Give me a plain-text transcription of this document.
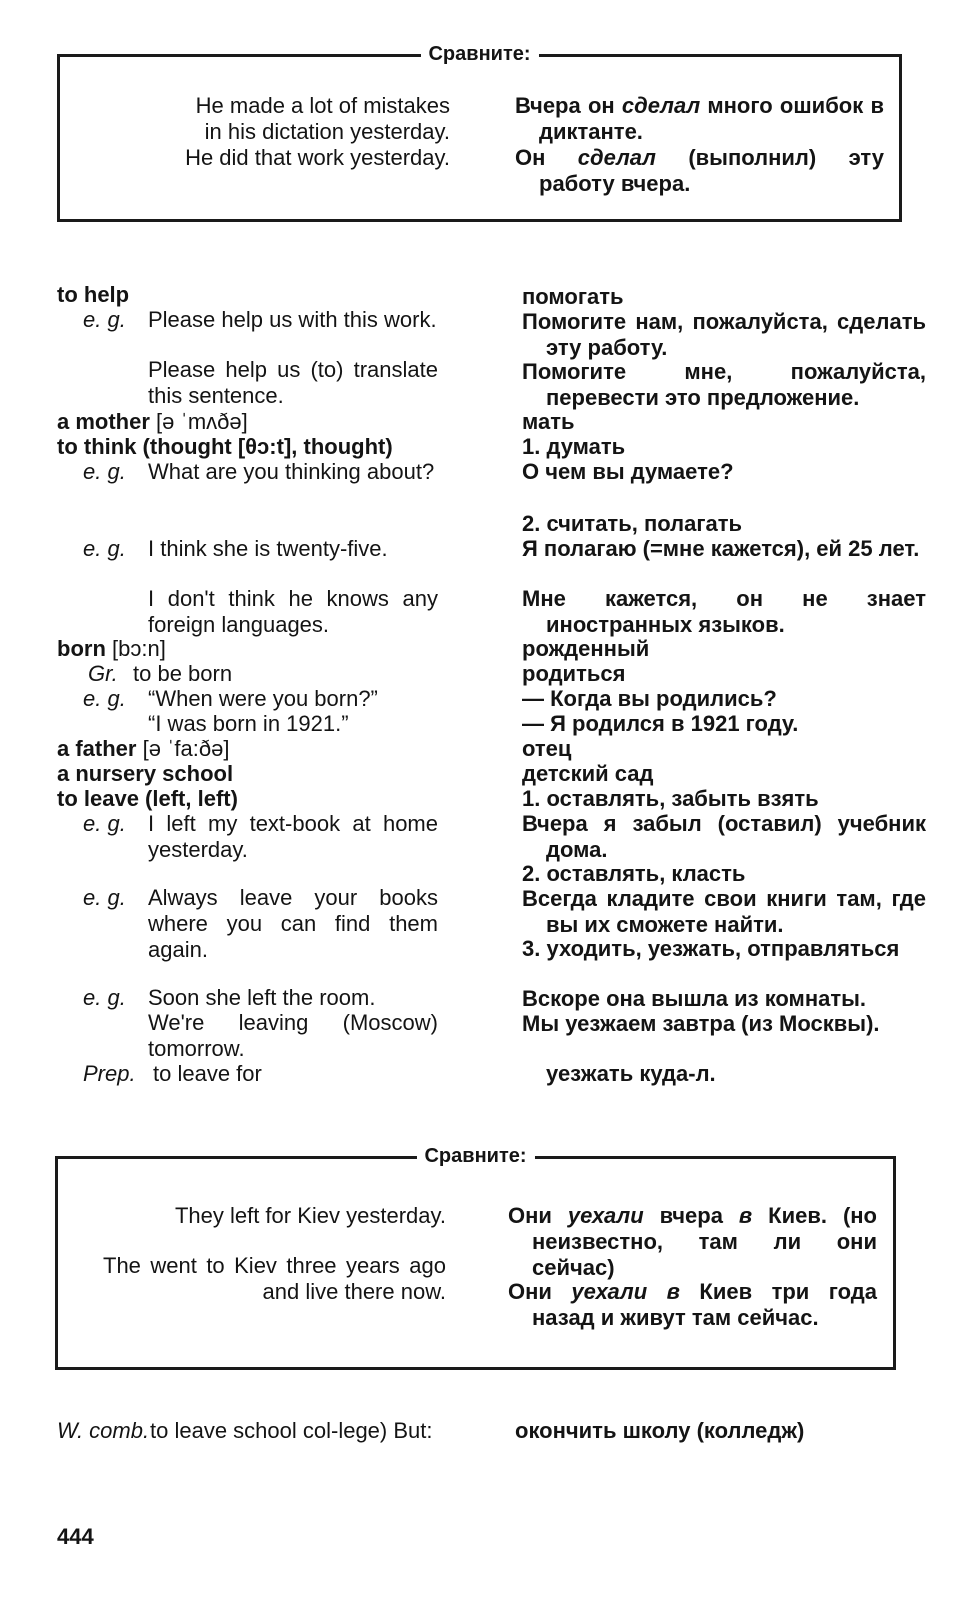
Сравните:
He made a lot of mistakes
in his dictation yesterday.
He did that work yesterday.
Вчера он сделал много ошибок в диктанте.
Он сделал (выполнил) эту работу вчера.
to help
e. g. Please help us with this work.
Please help us (to) translate this sentence.
a mother [ə ˈmʌðə]
to think (thought [θɔ:t], thought)
e. g. What are you thinking about?
e. g. I think she is twenty-five.
I don't think he knows any foreign languages.
born [bɔ:n]
Gr. to be born
e. g. “When were you born?”
“I was born in 1921.”
a father [ə ˈfa:ðə]
a nursery school
to leave (left, left)
e. g. I left my text-book at home yesterday.
e. g. Always leave your books where you can find them again.
e. g. Soon she left the room.
We're leaving (Moscow) tomorrow.
Prep. to leave for
помогать
Помогите нам, пожалуйста, сделать эту работу.
Помогите мне, пожалуйста, перевести это предложение.
мать
1. думать
О чем вы думаете?
2. считать, полагать
Я полагаю (=мне кажется), ей 25 лет.
Мне кажется, он не знает иностранных языков.
рожденный
родиться
— Когда вы родились?
— Я родился в 1921 году.
отец
детский сад
1. оставлять, забыть взять
Вчера я забыл (оставил) учебник дома.
2. оставлять, класть
Всегда кладите свои книги там, где вы их сможете найти.
3. уходить, уезжать, отправляться
Вскоре она вышла из комнаты.
Мы уезжаем завтра (из Москвы).
уезжать куда-л.
Сравните:
They left for Kiev yesterday.
The went to Kiev three years ago and live there now.
Они уехали вчера в Киев. (но неизвестно, там ли они сейчас)
Они уехали в Киев три года назад и живут там сейчас.
W. comb. to leave school col-lege) But:	окончить школу (колледж)
444
